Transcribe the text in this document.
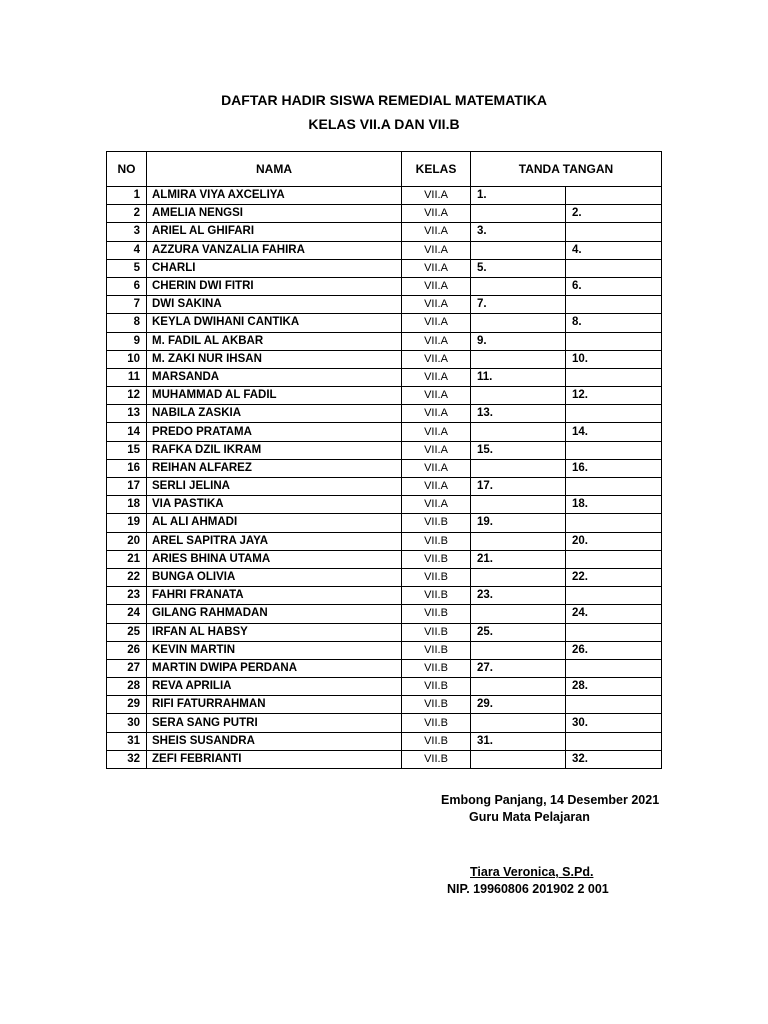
DAFTAR HADIR SISWA REMEDIAL MATEMATIKA
KELAS VII.A DAN VII.B
NO	NAMA	KELAS	TANDA TANGAN	
1	ALMIRA VIYA AXCELIYA	VII.A	1.	
2	AMELIA NENGSI	VII.A		2.
3	ARIEL AL GHIFARI	VII.A	3.	
4	AZZURA VANZALIA FAHIRA	VII.A		4.
5	CHARLI	VII.A	5.	
6	CHERIN DWI FITRI	VII.A		6.
7	DWI SAKINA	VII.A	7.	
8	KEYLA DWIHANI CANTIKA	VII.A		8.
9	M. FADIL AL AKBAR	VII.A	9.	
10	M. ZAKI NUR IHSAN	VII.A		10.
11	MARSANDA	VII.A	11.	
12	MUHAMMAD AL FADIL	VII.A		12.
13	NABILA ZASKIA	VII.A	13.	
14	PREDO PRATAMA	VII.A		14.
15	RAFKA DZIL IKRAM	VII.A	15.	
16	REIHAN ALFAREZ	VII.A		16.
17	SERLI JELINA	VII.A	17.	
18	VIA PASTIKA	VII.A		18.
19	AL ALI AHMADI	VII.B	19.	
20	AREL SAPITRA JAYA	VII.B		20.
21	ARIES BHINA UTAMA	VII.B	21.	
22	BUNGA OLIVIA	VII.B		22.
23	FAHRI FRANATA	VII.B	23.	
24	GILANG RAHMADAN	VII.B		24.
25	IRFAN AL HABSY	VII.B	25.	
26	KEVIN MARTIN	VII.B		26.
27	MARTIN DWIPA PERDANA	VII.B	27.	
28	REVA APRILIA	VII.B		28.
29	RIFI FATURRAHMAN	VII.B	29.	
30	SERA SANG PUTRI	VII.B		30.
31	SHEIS SUSANDRA	VII.B	31.	
32	ZEFI FEBRIANTI	VII.B		32.
Embong Panjang, 14 Desember 2021
Guru Mata Pelajaran
Tiara Veronica, S.Pd.
NIP. 19960806 201902 2 001
